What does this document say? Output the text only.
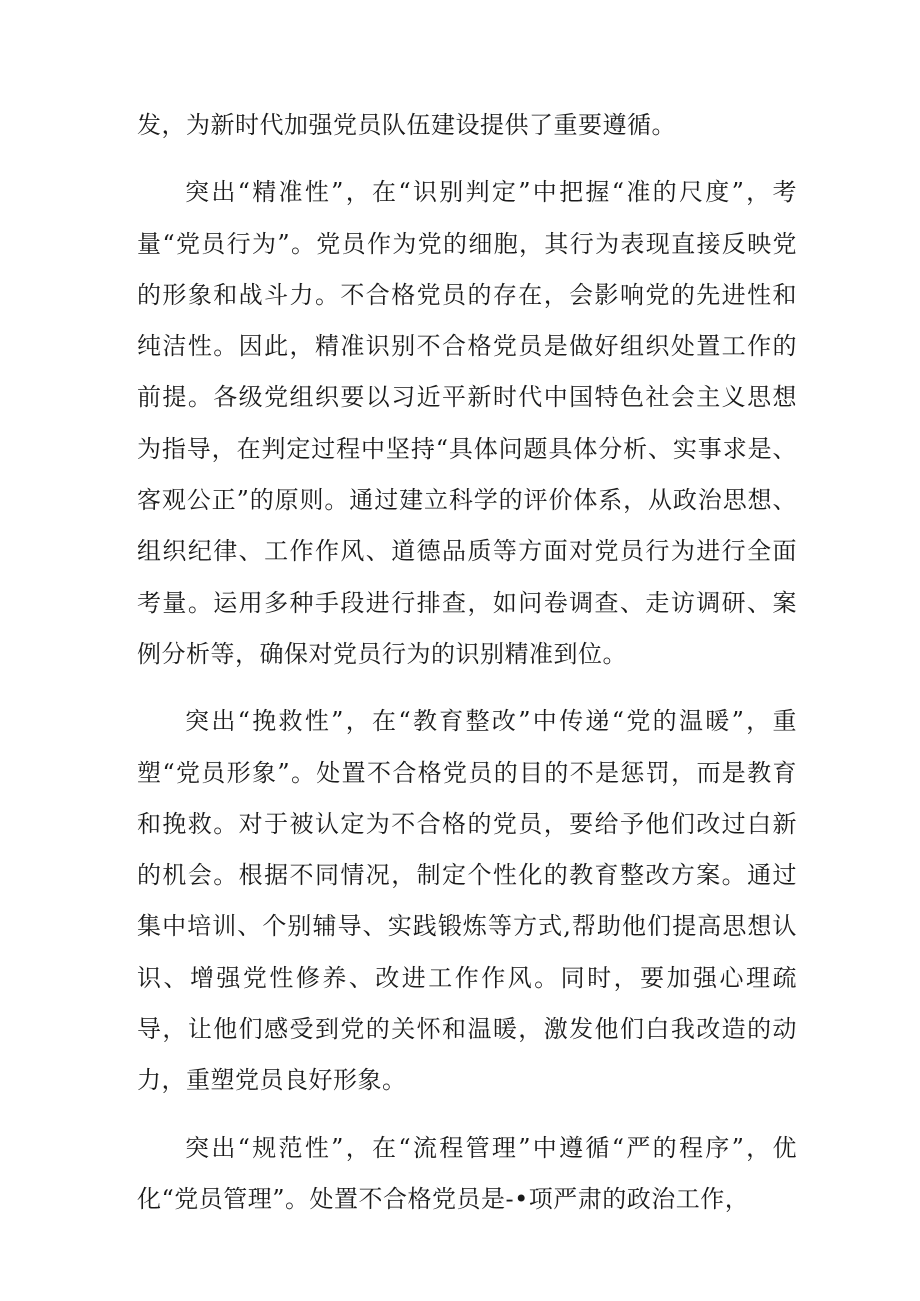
发，为新时代加强党员队伍建设提供了重要遵循。

突出“精准性”，在“识别判定”中把握“准的尺度”，考量“党员行为”。党员作为党的细胞，其行为表现直接反映党的形象和战斗力。不合格党员的存在，会影响党的先进性和纯洁性。因此，精准识别不合格党员是做好组织处置工作的前提。各级党组织要以习近平新时代中国特色社会主义思想为指导，在判定过程中坚持“具体问题具体分析、实事求是、客观公正”的原则。通过建立科学的评价体系，从政治思想、组织纪律、工作作风、道德品质等方面对党员行为进行全面考量。运用多种手段进行排查，如问卷调查、走访调研、案例分析等，确保对党员行为的识别精准到位。

突出“挽救性”，在“教育整改”中传递“党的温暖”，重塑“党员形象”。处置不合格党员的目的不是惩罚，而是教育和挽救。对于被认定为不合格的党员，要给予他们改过白新的机会。根据不同情况，制定个性化的教育整改方案。通过集中培训、个别辅导、实践锻炼等方式,帮助他们提高思想认识、增强党性修养、改进工作作风。同时，要加强心理疏导，让他们感受到党的关怀和温暖，激发他们白我改造的动力，重塑党员良好形象。

突出“规范性”，在“流程管理”中遵循“严的程序”，优化“党员管理”。处置不合格党员是-•项严肃的政治工作，
